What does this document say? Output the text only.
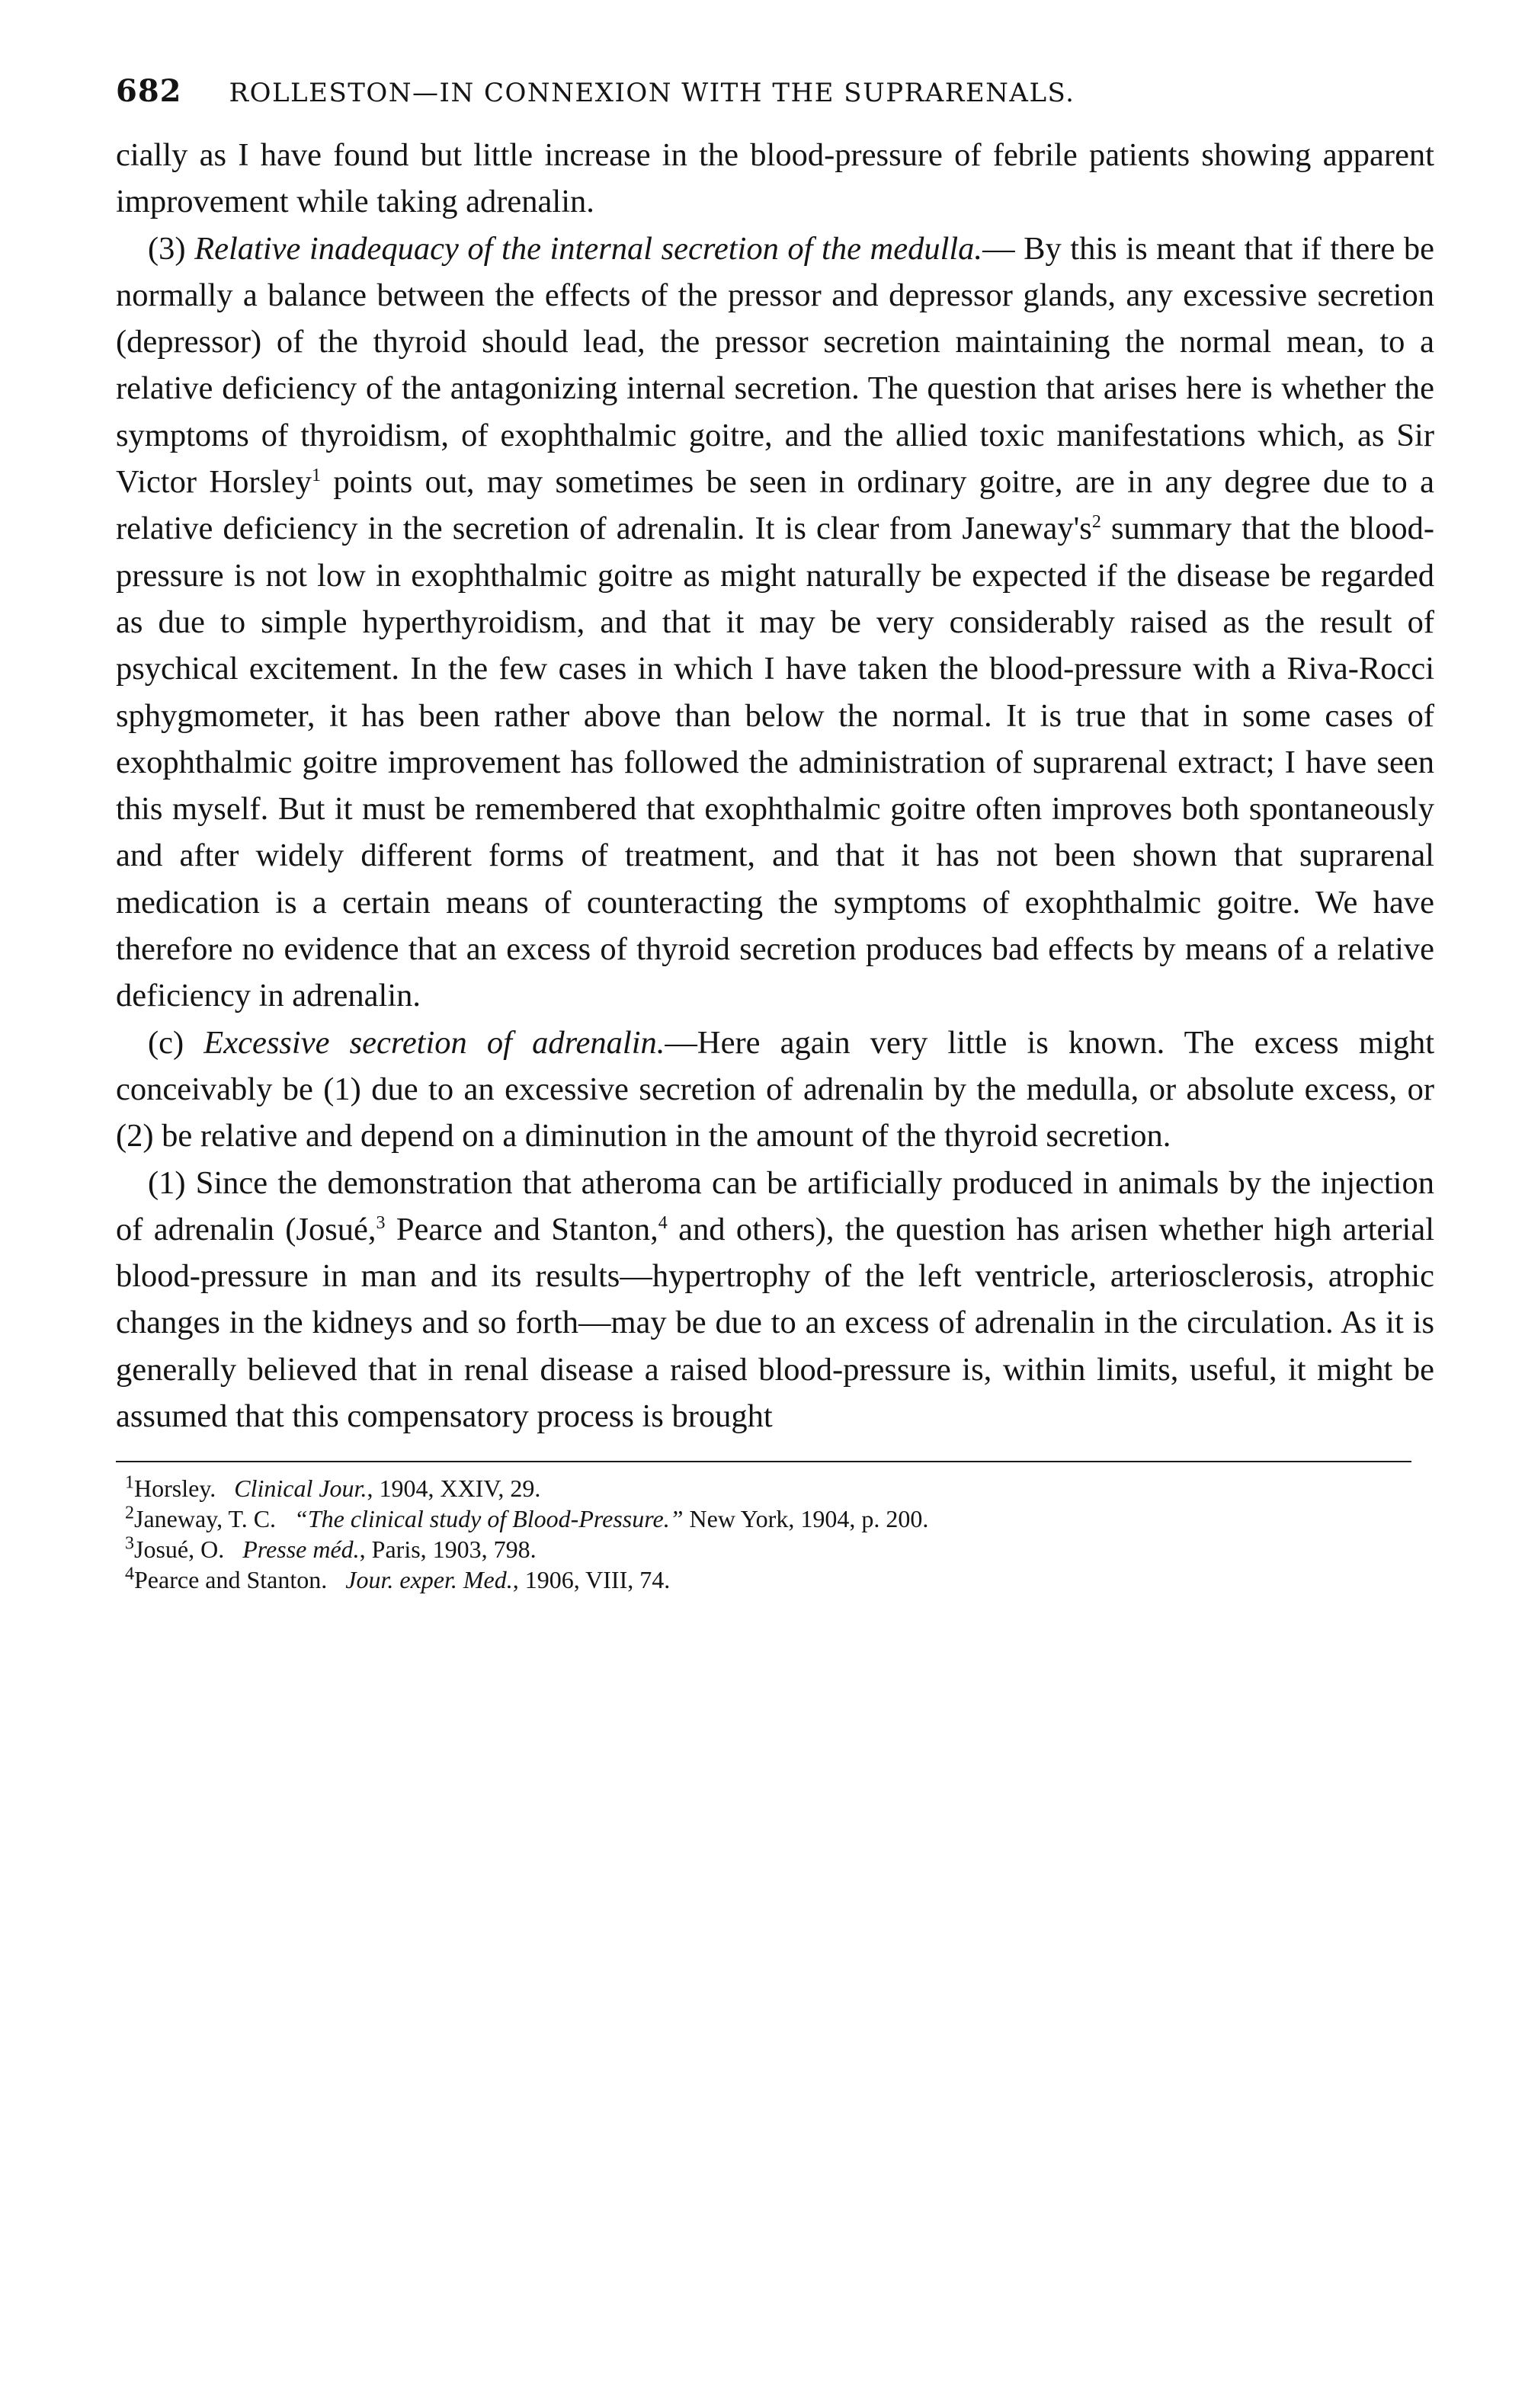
682 ROLLESTON—IN CONNEXION WITH THE SUPRARENALS.

cially as I have found but little increase in the blood-pressure of febrile patients showing apparent improvement while taking adrenalin.

(3) Relative inadequacy of the internal secretion of the medulla.— By this is meant that if there be normally a balance between the effects of the pressor and depressor glands, any excessive secretion (depressor) of the thyroid should lead, the pressor secretion maintaining the normal mean, to a relative deficiency of the antagonizing internal secretion. The question that arises here is whether the symptoms of thyroidism, of exophthalmic goitre, and the allied toxic manifestations which, as Sir Victor Horsley$^1$ points out, may sometimes be seen in ordinary goitre, are in any degree due to a relative deficiency in the secretion of adrenalin. It is clear from $Janeway's^2$ summary that the blood-pressure is not low in exophthalmic goitre as might naturally be expected if the disease be regarded as due to simple hyperthyroidism, and that it may be very considerably raised as the result of psychical excitement. In the few cases in which I have taken the blood-pressure with a Riva-Rocci sphygmometer, it has been rather above than below the normal. It is true that in some cases of exophthalmic goitre improvement has followed the administration of suprarenal extract; I have seen this myself. But it must be remembered that exophthalmic goitre often improves both spontaneously and after widely different forms of treatment, and that it has not been shown that suprarenal medication is a certain means of counteracting the symptoms of exophthalmic goitre. We have therefore no evidence that an excess of thyroid secretion produces bad effects by means of a relative deficiency in adrenalin.

(c) Excessive secretion of adrenalin.—Here again very little is known. The excess might conceivably be (1) due to an excessive secretion of adrenalin by the medulla, or absolute excess, or (2) be relative and depend on a diminution in the amount of the thyroid secretion.

(1) Since the demonstration that atheroma can be artificially produced in animals by the injection of adrenalin (Josué,$^3$ Pearce and Stanton,$^4$ and others), the question has arisen whether high arterial blood-pressure in man and its results—hypertrophy of the left ventricle, arteriosclerosis, atrophic changes in the kidneys and so forth—may be due to an excess of adrenalin in the circulation. As it is generally believed that in renal disease a raised blood-pressure is, within limits, useful, it might be assumed that this compensatory process is brought

$^1$Horsley. Clinical Jour., 1904, XXIV, 29.

$^2$Janeway, T. C. “The clinical study of Blood-Pressure.” New York, 1904, p. 200.

$^3$Josué, O. Presse méd., Paris, 1903, 798.

$^4$Pearce and Stanton. Jour. exper. Med., 1906, VIII, 74.
